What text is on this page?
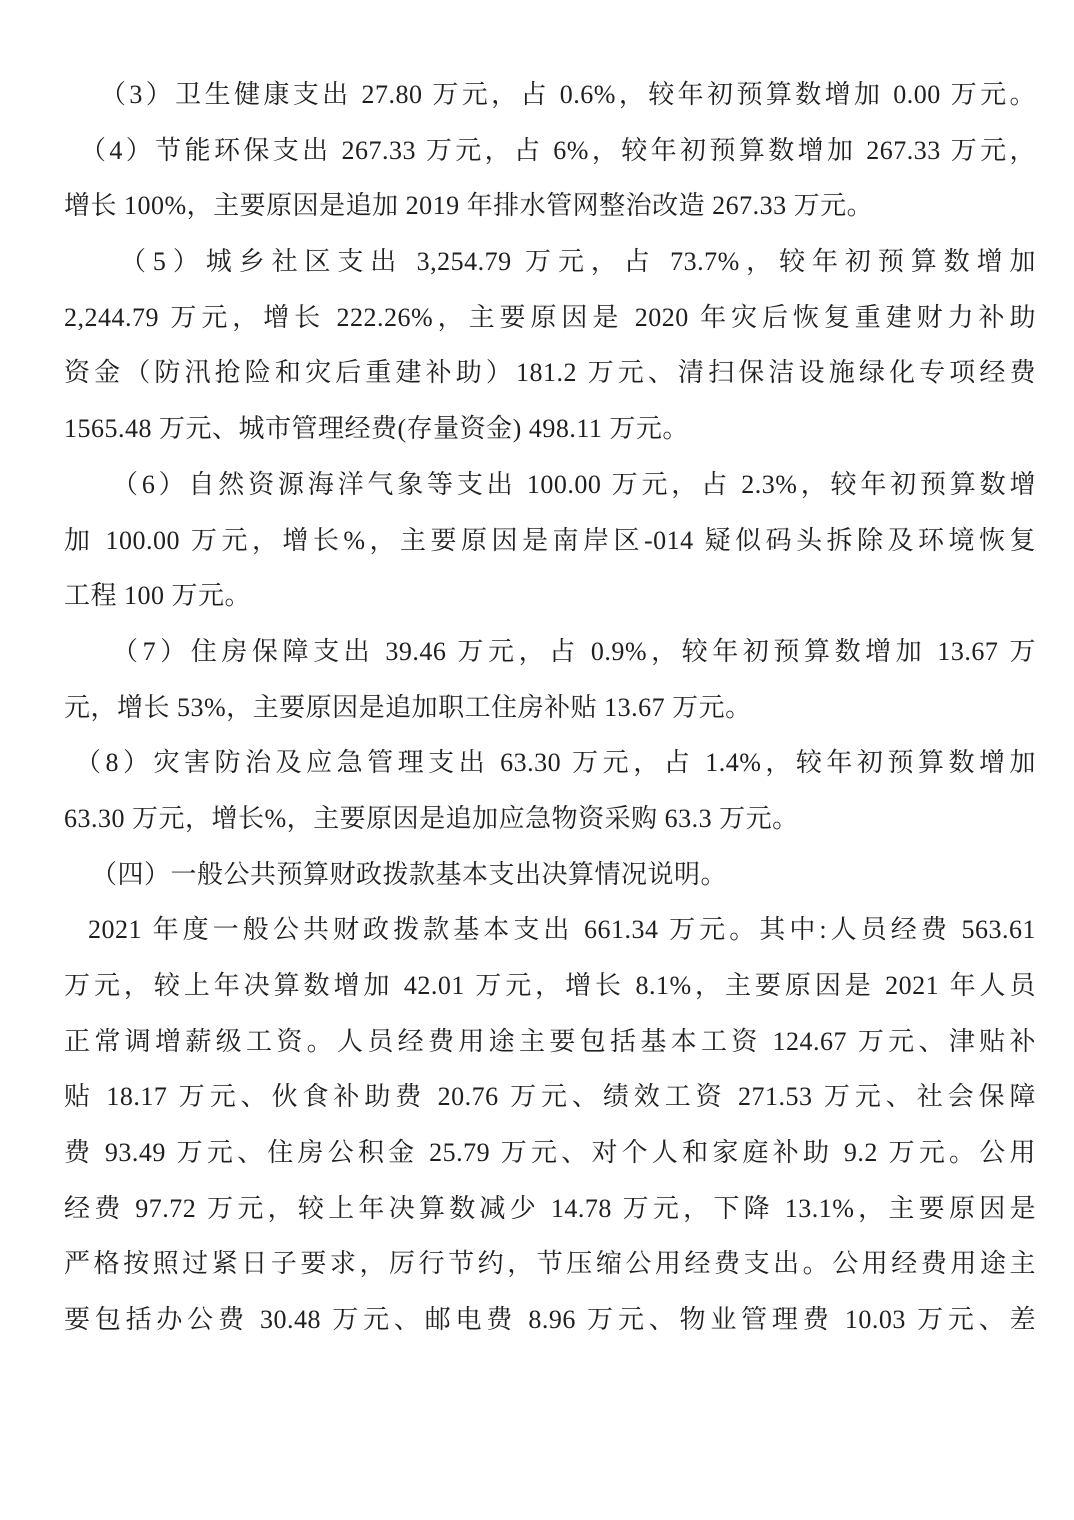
（3）卫生健康支出 27.80 万元，占 0.6%，较年初预算数增加 0.00 万元。
（4）节能环保支出 267.33 万元，占 6%，较年初预算数增加 267.33 万元，
增长 100%，主要原因是追加 2019 年排水管网整治改造 267.33 万元。
（5）城乡社区支出 3,254.79 万元，占 73.7%，较年初预算数增加
2,244.79 万元，增长 222.26%，主要原因是 2020 年灾后恢复重建财力补助
资金（防汛抢险和灾后重建补助）181.2 万元、清扫保洁设施绿化专项经费
1565.48 万元、城市管理经费(存量资金) 498.11 万元。
（6）自然资源海洋气象等支出 100.00 万元，占 2.3%，较年初预算数增
加 100.00 万元，增长%，主要原因是南岸区-014 疑似码头拆除及环境恢复
工程 100 万元。
（7）住房保障支出 39.46 万元，占 0.9%，较年初预算数增加 13.67 万
元，增长 53%，主要原因是追加职工住房补贴 13.67 万元。
（8）灾害防治及应急管理支出 63.30 万元，占 1.4%，较年初预算数增加
63.30 万元，增长%，主要原因是追加应急物资采购 63.3 万元。
（四）一般公共预算财政拨款基本支出决算情况说明。
2021 年度一般公共财政拨款基本支出 661.34 万元。其中:人员经费 563.61
万元，较上年决算数增加 42.01 万元，增长 8.1%，主要原因是 2021 年人员
正常调增薪级工资。人员经费用途主要包括基本工资 124.67 万元、津贴补
贴 18.17 万元、伙食补助费 20.76 万元、绩效工资 271.53 万元、社会保障
费 93.49 万元、住房公积金 25.79 万元、对个人和家庭补助 9.2 万元。公用
经费 97.72 万元，较上年决算数减少 14.78 万元，下降 13.1%，主要原因是
严格按照过紧日子要求，厉行节约，节压缩公用经费支出。公用经费用途主
要包括办公费 30.48 万元、邮电费 8.96 万元、物业管理费 10.03 万元、差
